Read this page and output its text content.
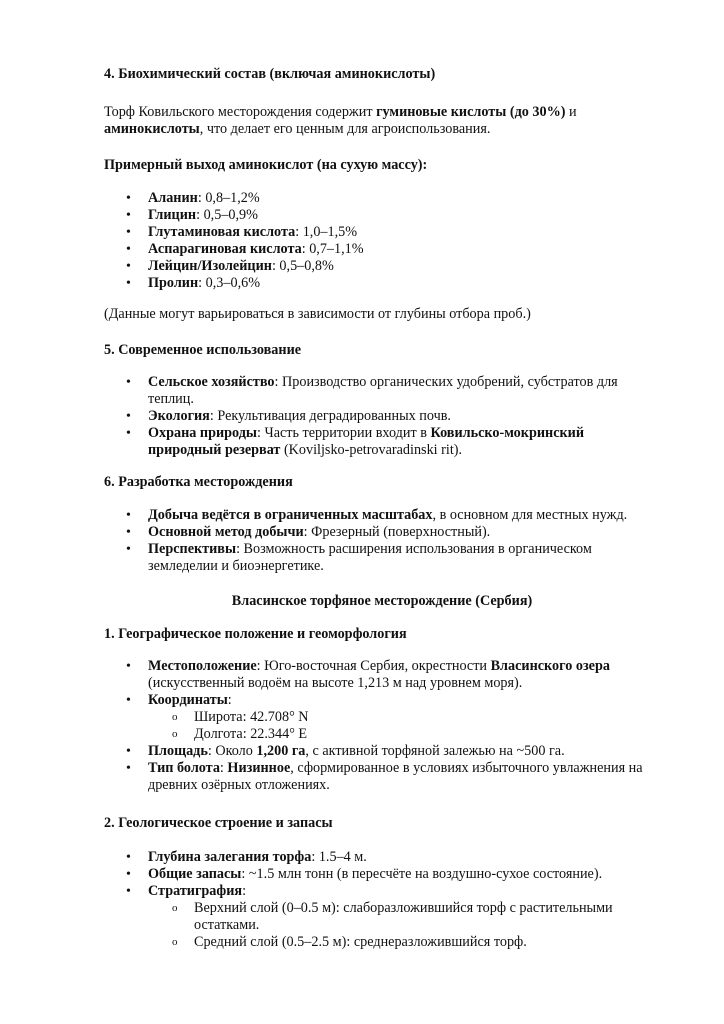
4. Биохимический состав (включая аминокислоты)

Торф Ковильского месторождения содержит гуминовые кислоты (до 30%) и аминокислоты, что делает его ценным для агроиспользования.

Примерный выход аминокислот (на сухую массу):

• Аланин: 0,8–1,2%
• Глицин: 0,5–0,9%
• Глутаминовая кислота: 1,0–1,5%
• Аспарагиновая кислота: 0,7–1,1%
• Лейцин/Изолейцин: 0,5–0,8%
• Пролин: 0,3–0,6%

(Данные могут варьироваться в зависимости от глубины отбора проб.)

5. Современное использование
• Сельское хозяйство: Производство органических удобрений, субстратов для теплиц.
• Экология: Рекультивация деградированных почв.
• Охрана природы: Часть территории входит в Ковильско-мокринский природный резерват (Koviljsko-petrovaradinski rit).
6. Разработка месторождения
• Добыча ведётся в ограниченных масштабах, в основном для местных нужд.
• Основной метод добычи: Фрезерный (поверхностный).
• Перспективы: Возможность расширения использования в органическом земледелии и биоэнергетике.
Власинское торфяное месторождение (Сербия)
1. Географическое положение и геоморфология
• Местоположение: Юго-восточная Сербия, окрестности Власинского озера (искусственный водоём на высоте 1,213 м над уровнем моря).
• Координаты:
o Широта: 42.708° N
o Долгота: 22.344° E
• Площадь: Около 1,200 га, с активной торфяной залежью на ~500 га.
• Тип болота: Низинное, сформированное в условиях избыточного увлажнения на древних озёрных отложениях.
2. Геологическое строение и запасы
• Глубина залегания торфа: 1.5–4 м.
• Общие запасы: ~1.5 млн тонн (в пересчёте на воздушно-сухое состояние).
• Стратиграфия:
o Верхний слой (0–0.5 м): слаборазложившийся торф с растительными остатками.
o Средний слой (0.5–2.5 м): среднеразложившийся торф.
